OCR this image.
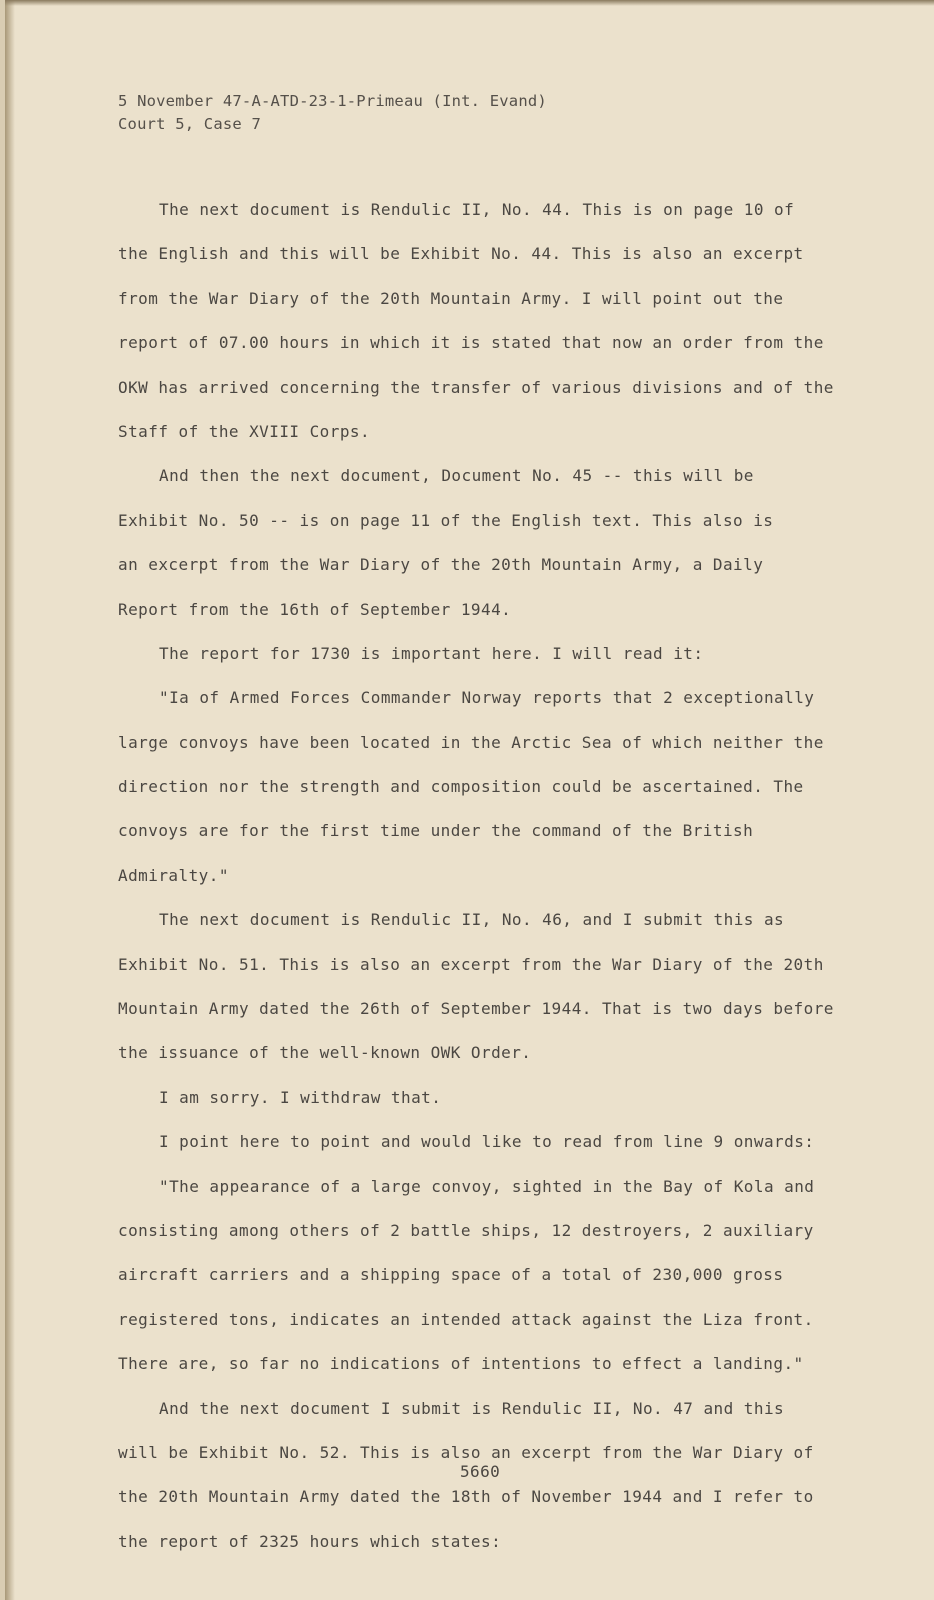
5 November 47-A-ATD-23-1-Primeau (Int. Evand)
Court 5, Case 7
The next document is Rendulic II, No. 44. This is on page 10 of
the English and this will be Exhibit No. 44. This is also an excerpt
from the War Diary of the 20th Mountain Army. I will point out the
report of 07.00 hours in which it is stated that now an order from the
OKW has arrived concerning the transfer of various divisions and of the
Staff of the XVIII Corps.
And then the next document, Document No. 45 -- this will be
Exhibit No. 50 -- is on page 11 of the English text. This also is
an excerpt from the War Diary of the 20th Mountain Army, a Daily
Report from the 16th of September 1944.
The report for 1730 is important here. I will read it:
"Ia of Armed Forces Commander Norway reports that 2 exceptionally
large convoys have been located in the Arctic Sea of which neither the
direction nor the strength and composition could be ascertained. The
convoys are for the first time under the command of the British
Admiralty."
The next document is Rendulic II, No. 46, and I submit this as
Exhibit No. 51. This is also an excerpt from the War Diary of the 20th
Mountain Army dated the 26th of September 1944. That is two days before
the issuance of the well-known OWK Order.
I am sorry. I withdraw that.
I point here to point and would like to read from line 9 onwards:
"The appearance of a large convoy, sighted in the Bay of Kola and
consisting among others of 2 battle ships, 12 destroyers, 2 auxiliary
aircraft carriers and a shipping space of a total of 230,000 gross
registered tons, indicates an intended attack against the Liza front.
There are, so far no indications of intentions to effect a landing."
And the next document I submit is Rendulic II, No. 47 and this
will be Exhibit No. 52. This is also an excerpt from the War Diary of
the 20th Mountain Army dated the 18th of November 1944 and I refer to
the report of 2325 hours which states:
5660
